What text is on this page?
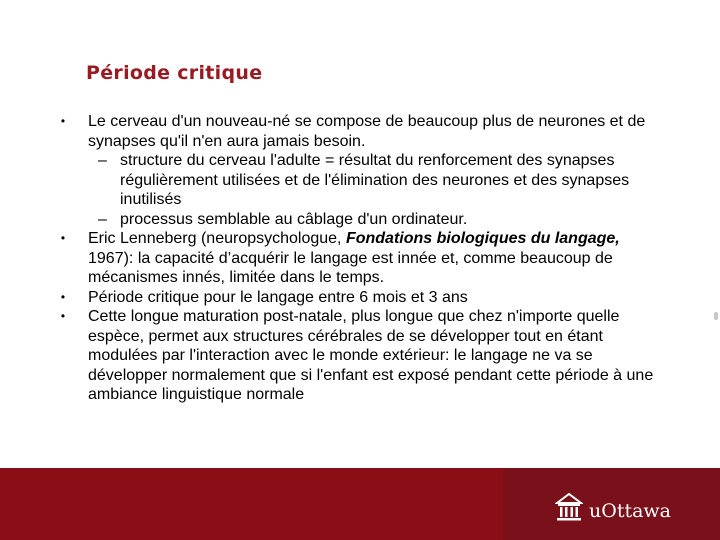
Période critique
•	Le cerveau d'un nouveau-né se compose de beaucoup plus de neurones et de synapses qu'il n'en aura jamais besoin.
– structure du cerveau l'adulte = résultat du renforcement des synapses régulièrement utilisées et de l'élimination des neurones et des synapses inutilisés
– processus semblable au câblage d'un ordinateur.
•	Eric Lenneberg (neuropsychologue, Fondations biologiques du langage, 1967): la capacité d’acquérir le langage est innée et, comme beaucoup de mécanismes innés, limitée dans le temps.
•	Période critique pour le langage entre 6 mois et 3 ans
•	Cette longue maturation post-natale, plus longue que chez n'importe quelle espèce, permet aux structures cérébrales de se développer tout en étant modulées par l'interaction avec le monde extérieur: le langage ne va se développer normalement que si l'enfant est exposé pendant cette période à une ambiance linguistique normale
uOttawa
